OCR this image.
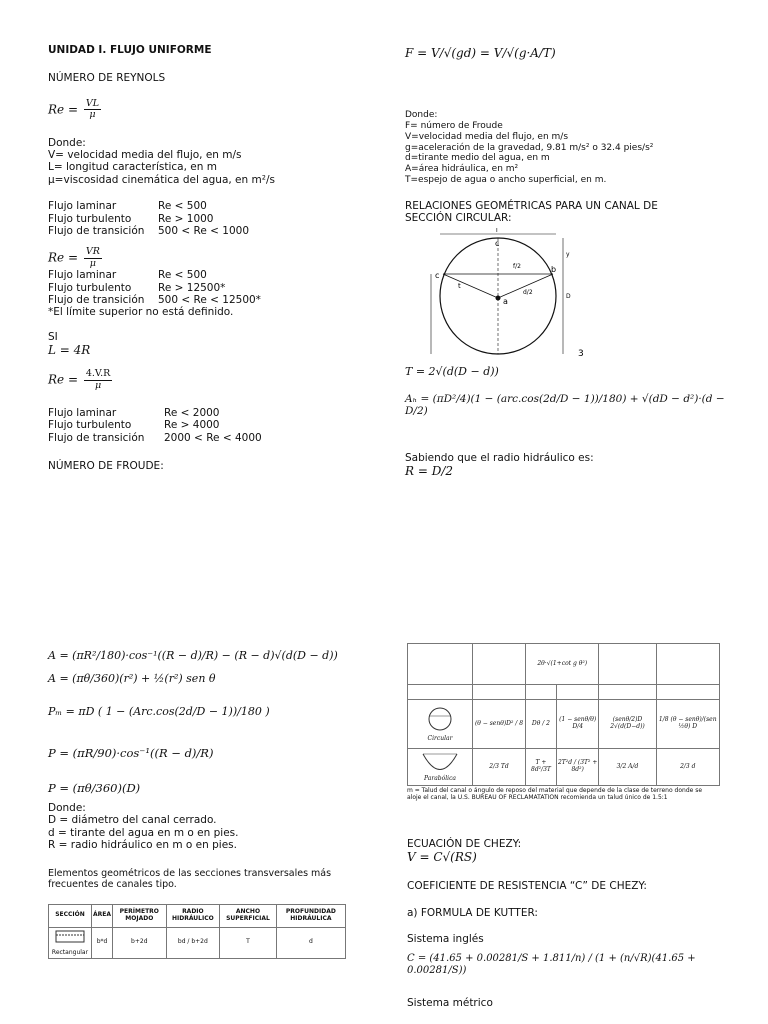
UNIDAD I. FLUJO UNIFORME

NÚMERO DE REYNOLS

$Re = \frac{VL}{\mu}$

Donde:

V= velocidad media del flujo, en m/s

L= longitud característica, en m

μ=viscosidad cinemática del agua, en m²/s

Flujo laminar	Re < 500
Flujo turbulento	Re > 1000
Flujo de transición	500 < Re < 1000
$Re = \frac{VR}{\mu}$
Flujo laminar	Re < 500
Flujo turbulento	Re > 12500*
Flujo de transición	500 < Re < 12500*

*El límite superior no está definido.

SI

L = 4R

$Re = \frac{4.V.R}{\mu}$
Flujo laminar	Re < 2000
Flujo turbulento	Re > 4000
Flujo de transición	2000 < Re < 4000

NÚMERO DE FROUDE:

A = (πR²/180)·cos⁻¹((R − d)/R) − (R − d)√(d(D − d))

A = (πθ/360)(r²) + ½(r²) sen θ

Pₘ = πD ( 1 − (Arc.cos(2d/D − 1))/180 )

P = (πR/90)·cos⁻¹((R − d)/R)

P = (πθ/360)(D)

Donde:

D = diámetro del canal cerrado.

d = tirante del agua en m o en pies.

R = radio hidráulico en m o en pies.

Elementos geométricos de las secciones transversales más frecuentes de canales tipo.

SECCIÓN	ÁREA	PERÍMETRO MOJADO	RADIO HIDRÁULICO	ANCHO SUPERFICIAL	PROFUNDIDAD HIDRÁULICA

Rectangular	b*d	b+2d	bd / b+2d	T	d

F = V/√(gd) = V/√(g·A/T)

Donde:

F= número de Froude

V=velocidad media del flujo, en m/s

g=aceleración de la gravedad, 9.81 m/s² o 32.4 pies/s²

d=tirante medio del agua, en m

A=área hidráulica, en m²

T=espejo de agua o ancho superficial, en m.

RELACIONES GEOMÉTRICAS PARA UN CANAL DE SECCIÓN CIRCULAR:

c
c
b
a
t
T
D
y
f/2
d/2
3

T = 2√(d(D − d))

Aₕ = (πD²/4)(1 − (arc.cos(2d/D − 1))/180) + √(dD − d²)·(d − D/2)

Sabiendo que el radio hidráulico es:

R = D/2

		2θ·√(1+cot g θ²)			

Circular	(θ − senθ)D² / 8	Dθ / 2	(1 − senθ/θ) D/4	(senθ/2)D 2√(d(D−d))	1/8 (θ − senθ)/(sen ½θ) D

Parabólica	2/3 Td	T + 8d²/3T	2T²d / (3T² + 8d²)	3/2 A/d	2/3 d

m = Talud del canal o ángulo de reposo del material que depende de la clase de terreno donde se aloje el canal, la U.S. BUREAU OF RECLAMATATION recomienda un talud único de 1.5:1

ECUACIÓN DE CHEZY:

V = C√(RS)

COEFICIENTE DE RESISTENCIA “C” DE CHEZY:

a) FORMULA DE KUTTER:

Sistema inglés

C = (41.65 + 0.00281/S + 1.811/n) / (1 + (n/√R)(41.65 + 0.00281/S))

Sistema métrico
